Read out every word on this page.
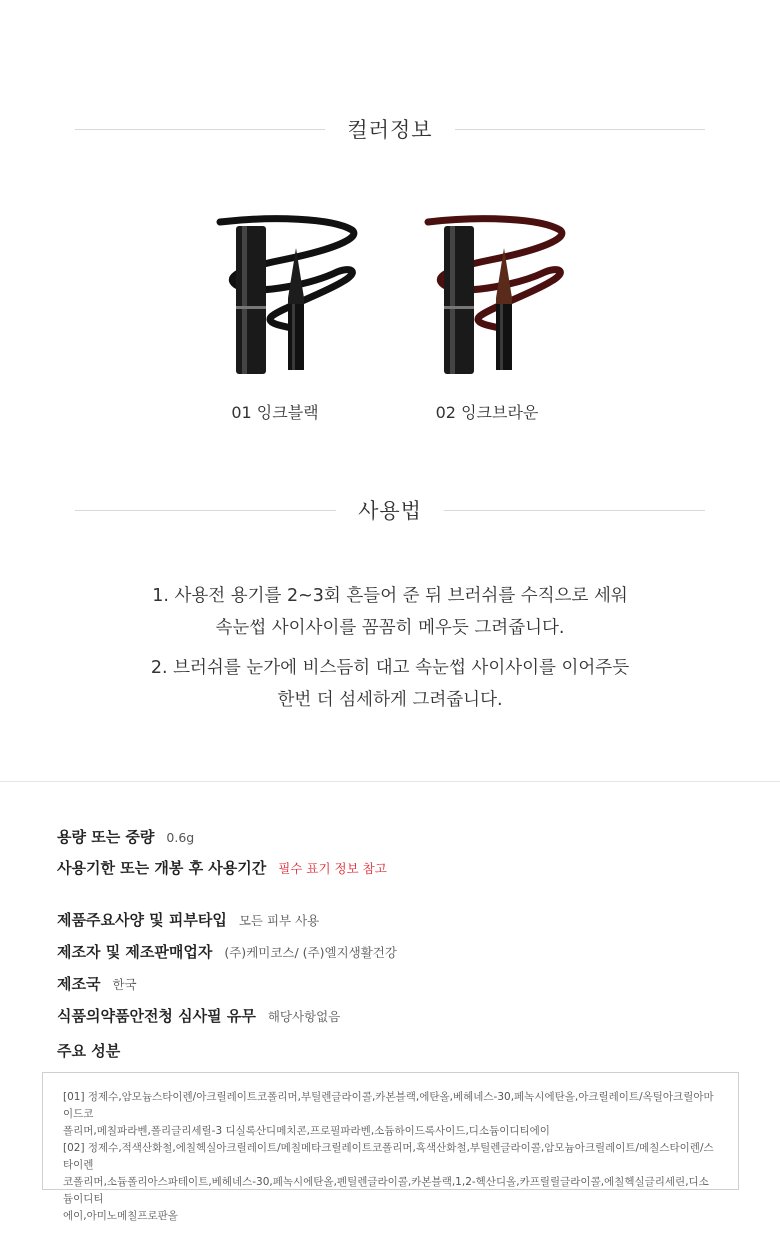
컬러정보
01 잉크블랙	02 잉크브라운
사용법
1. 사용전 용기를 2~3회 흔들어 준 뒤 브러쉬를 수직으로 세워
속눈썹 사이사이를 꼼꼼히 메우듯 그려줍니다.
2. 브러쉬를 눈가에 비스듬히 대고 속눈썹 사이사이를 이어주듯
한번 더 섬세하게 그려줍니다.
용량 또는 중량 0.6g
사용기한 또는 개봉 후 사용기간 필수 표기 정보 참고
제품주요사양 및 피부타입 모든 피부 사용
제조자 및 제조판매업자 (주)케미코스/ (주)엘지생활건강
제조국 한국
식품의약품안전청 심사필 유무 해당사항없음
주요 성분

[01] 정제수,암모늄스타이렌/아크릴레이트코폴리머,부틸렌글라이콜,카본블랙,에탄올,베헤네스-30,페녹시에탄올,아크릴레이트/옥틸아크릴아마이드코

폴리머,메칠파라벤,폴리글리세릴-3 디실록산디메치콘,프로필파라벤,소듐하이드록사이드,디소듐이디티에이

[02] 정제수,적색산화철,에칠헥실아크릴레이트/메칠메타크릴레이트코폴리머,흑색산화철,부틸렌글라이콜,암모늄아크릴레이트/메칠스타이렌/스타이렌

코폴리머,소듐폴리아스파테이트,베헤네스-30,페녹시에탄올,펜틸렌글라이콜,카본블랙,1,2-헥산디올,카프릴릴글라이콜,에칠헥실글리세린,디소듐이디티

에이,아미노메칠프로판올
